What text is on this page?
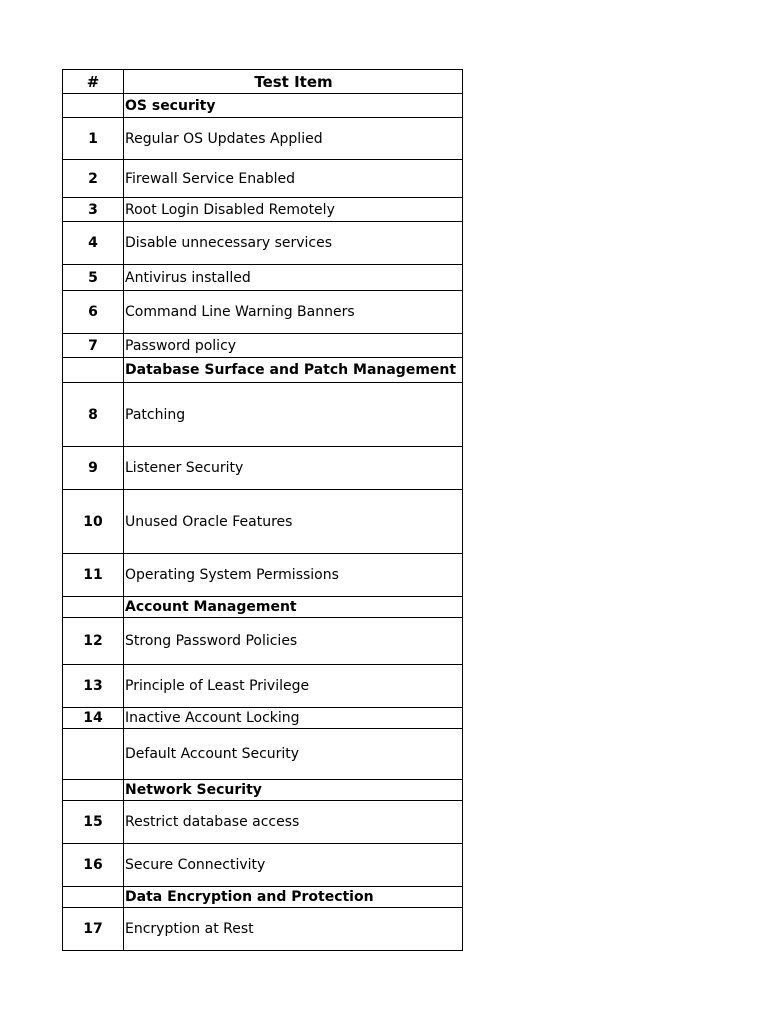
#	Test Item
	OS security
1	Regular OS Updates Applied
2	Firewall Service Enabled
3	Root Login Disabled Remotely
4	Disable unnecessary services
5	Antivirus installed
6	Command Line Warning Banners
7	Password policy
	Database Surface and Patch Management
8	Patching
9	Listener Security
10	Unused Oracle Features
11	Operating System Permissions
	Account Management
12	Strong Password Policies
13	Principle of Least Privilege
14	Inactive Account Locking
	Default Account Security
	Network Security
15	Restrict database access
16	Secure Connectivity
	Data Encryption and Protection
17	Encryption at Rest
